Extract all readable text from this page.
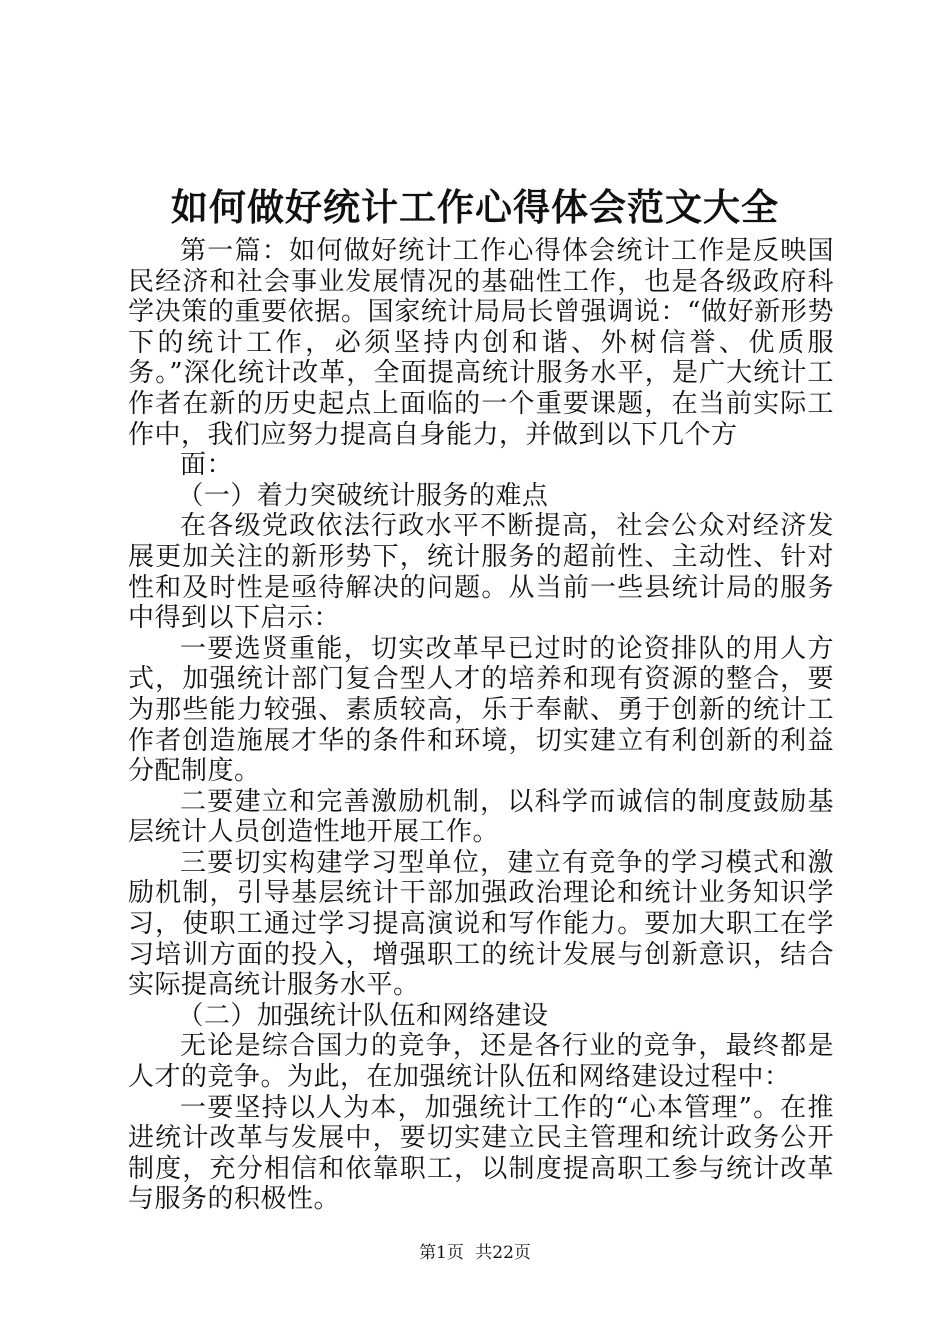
如何做好统计工作心得体会范文大全

第一篇：如何做好统计工作心得体会统计工作是反映国民经济和社会事业发展情况的基础性工作，也是各级政府科学决策的重要依据。国家统计局局长曾强调说：“做好新形势下的统计工作，必须坚持内创和谐、外树信誉、优质服务。”深化统计改革，全面提高统计服务水平，是广大统计工作者在新的历史起点上面临的一个重要课题，在当前实际工作中，我们应努力提高自身能力，并做到以下几个方

面：

（一）着力突破统计服务的难点

在各级党政依法行政水平不断提高，社会公众对经济发展更加关注的新形势下，统计服务的超前性、主动性、针对性和及时性是亟待解决的问题。从当前一些县统计局的服务中得到以下启示：

一要选贤重能，切实改革早已过时的论资排队的用人方式，加强统计部门复合型人才的培养和现有资源的整合，要为那些能力较强、素质较高，乐于奉献、勇于创新的统计工作者创造施展才华的条件和环境，切实建立有利创新的利益分配制度。

二要建立和完善激励机制，以科学而诚信的制度鼓励基层统计人员创造性地开展工作。

三要切实构建学习型单位，建立有竞争的学习模式和激励机制，引导基层统计干部加强政治理论和统计业务知识学习，使职工通过学习提高演说和写作能力。要加大职工在学习培训方面的投入，增强职工的统计发展与创新意识，结合实际提高统计服务水平。

（二）加强统计队伍和网络建设

无论是综合国力的竞争，还是各行业的竞争，最终都是人才的竞争。为此，在加强统计队伍和网络建设过程中：

一要坚持以人为本，加强统计工作的“心本管理”。在推进统计改革与发展中，要切实建立民主管理和统计政务公开制度，充分相信和依靠职工，以制度提高职工参与统计改革与服务的积极性。

第1页 共22页
